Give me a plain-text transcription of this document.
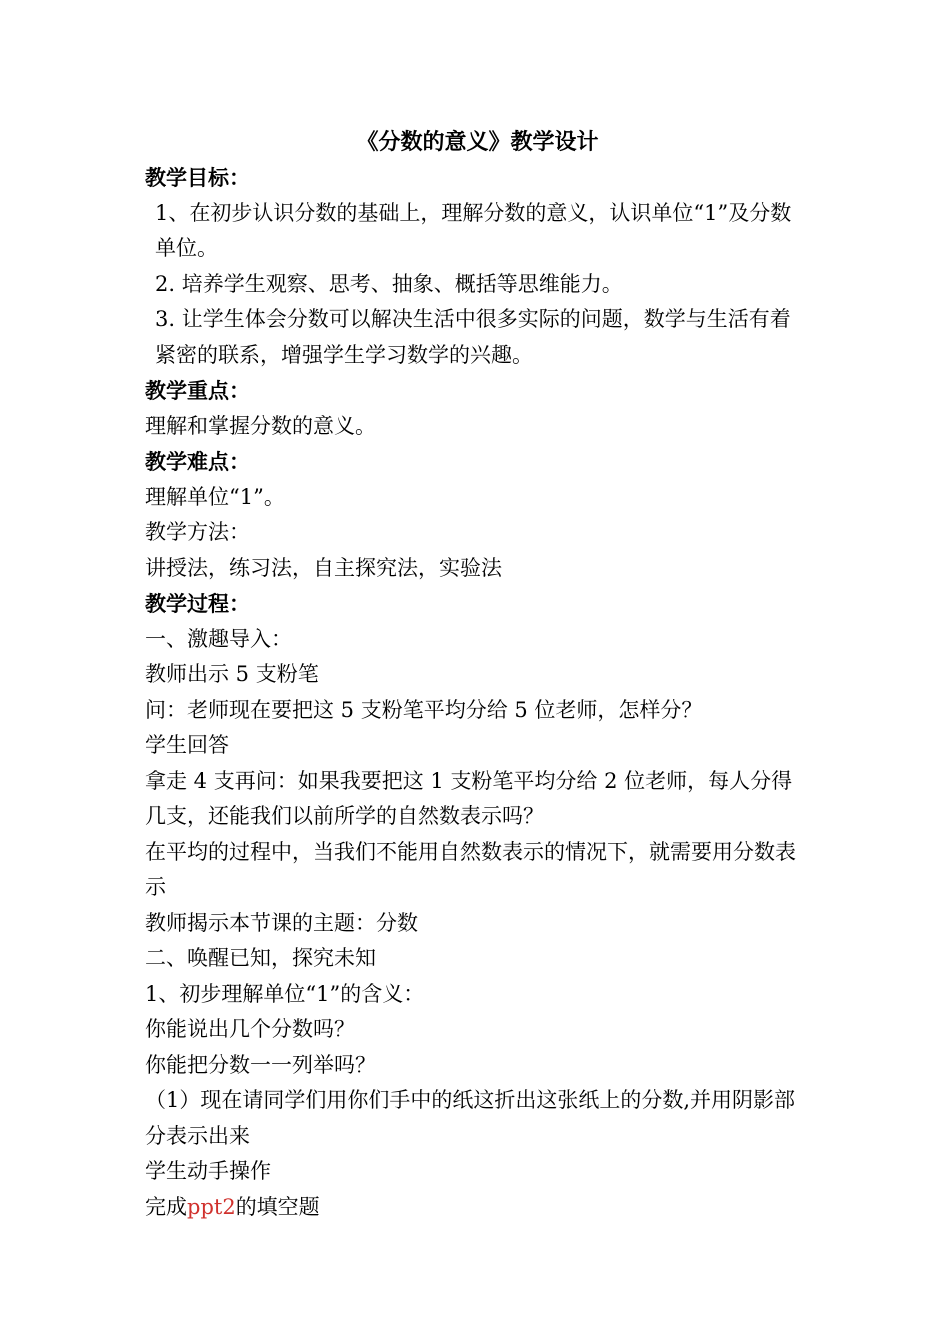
《分数的意义》教学设计
教学目标：
1、在初步认识分数的基础上，理解分数的意义，认识单位“1”及分数单位。
2. 培养学生观察、思考、抽象、概括等思维能力。
3. 让学生体会分数可以解决生活中很多实际的问题，数学与生活有着紧密的联系，增强学生学习数学的兴趣。
教学重点：
理解和掌握分数的意义。
教学难点：
理解单位“1”。
教学方法：
讲授法，练习法，自主探究法，实验法
教学过程：
一、激趣导入：
教师出示 5 支粉笔
问：老师现在要把这 5 支粉笔平均分给 5 位老师，怎样分？
学生回答
拿走 4 支再问：如果我要把这 1 支粉笔平均分给 2 位老师，每人分得几支，还能我们以前所学的自然数表示吗？
在平均的过程中，当我们不能用自然数表示的情况下，就需要用分数表示
教师揭示本节课的主题：分数
二、唤醒已知，探究未知
1、初步理解单位“1”的含义：
你能说出几个分数吗？
你能把分数一一列举吗？
（1）现在请同学们用你们手中的纸这折出这张纸上的分数,并用阴影部分表示出来
学生动手操作
完成ppt2的填空题
